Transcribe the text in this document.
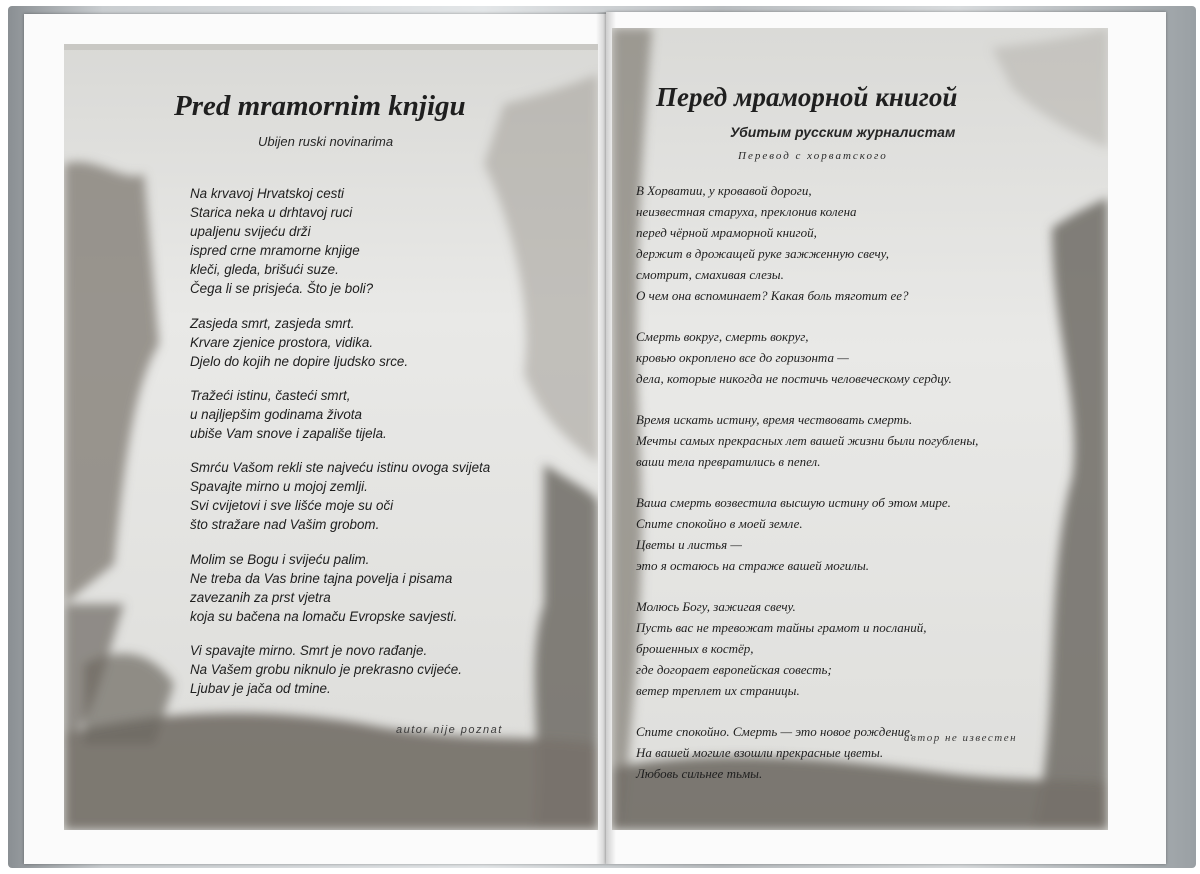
Pred mramornim knjigu

Ubijen ruski novinarima

Na krvavoj Hrvatskoj cesti
Starica neka u drhtavoj ruci
upaljenu svijeću drži
ispred crne mramorne knjige
kleči, gleda, brišući suze.
Čega li se prisjeća. Što je boli?

Zasjeda smrt, zasjeda smrt.
Krvare zjenice prostora, vidika.
Djelo do kojih ne dopire ljudsko srce.

Tražeći istinu, časteći smrt,
u najljepšim godinama života
ubiše Vam snove i zapališe tijela.

Smrću Vašom rekli ste najveću istinu ovoga svijeta
Spavajte mirno u mojoj zemlji.
Svi cvijetovi i sve lišće moje su oči
što stražare nad Vašim grobom.

Molim se Bogu i svijeću palim.
Ne treba da Vas brine tajna povelja i pisama
zavezanih za prst vjetra
koja su bačena na lomaču Evropske savjesti.

Vi spavajte mirno. Smrt je novo rađanje.
Na Vašem grobu niknulo je prekrasno cvijeće.
Ljubav je jača od tmine.

autor nije poznat

Перед мраморной книгой

Убитым русским журналистам

Перевод с хорватского

В Хорватии, у кровавой дороги,
неизвестная старуха, преклонив колена
перед чёрной мраморной книгой,
держит в дрожащей руке зажженную свечу,
смотрит, смахивая слезы.
О чем она вспоминает? Какая боль тяготит ее?

Смерть вокруг, смерть вокруг,
кровью окроплено все до горизонта —
дела, которые никогда не постичь человеческому сердцу.

Время искать истину, время чествовать смерть.
Мечты самых прекрасных лет вашей жизни были погублены,
ваши тела превратились в пепел.

Ваша смерть возвестила высшую истину об этом мире.
Спите спокойно в моей земле.
Цветы и листья —
это я остаюсь на страже вашей могилы.

Молюсь Богу, зажигая свечу.
Пусть вас не тревожат тайны грамот и посланий,
брошенных в костёр,
где догорает европейская совесть;
ветер треплет их страницы.

Спите спокойно. Смерть — это новое рождение.
На вашей могиле взошли прекрасные цветы.
Любовь сильнее тьмы.

автор не известен
